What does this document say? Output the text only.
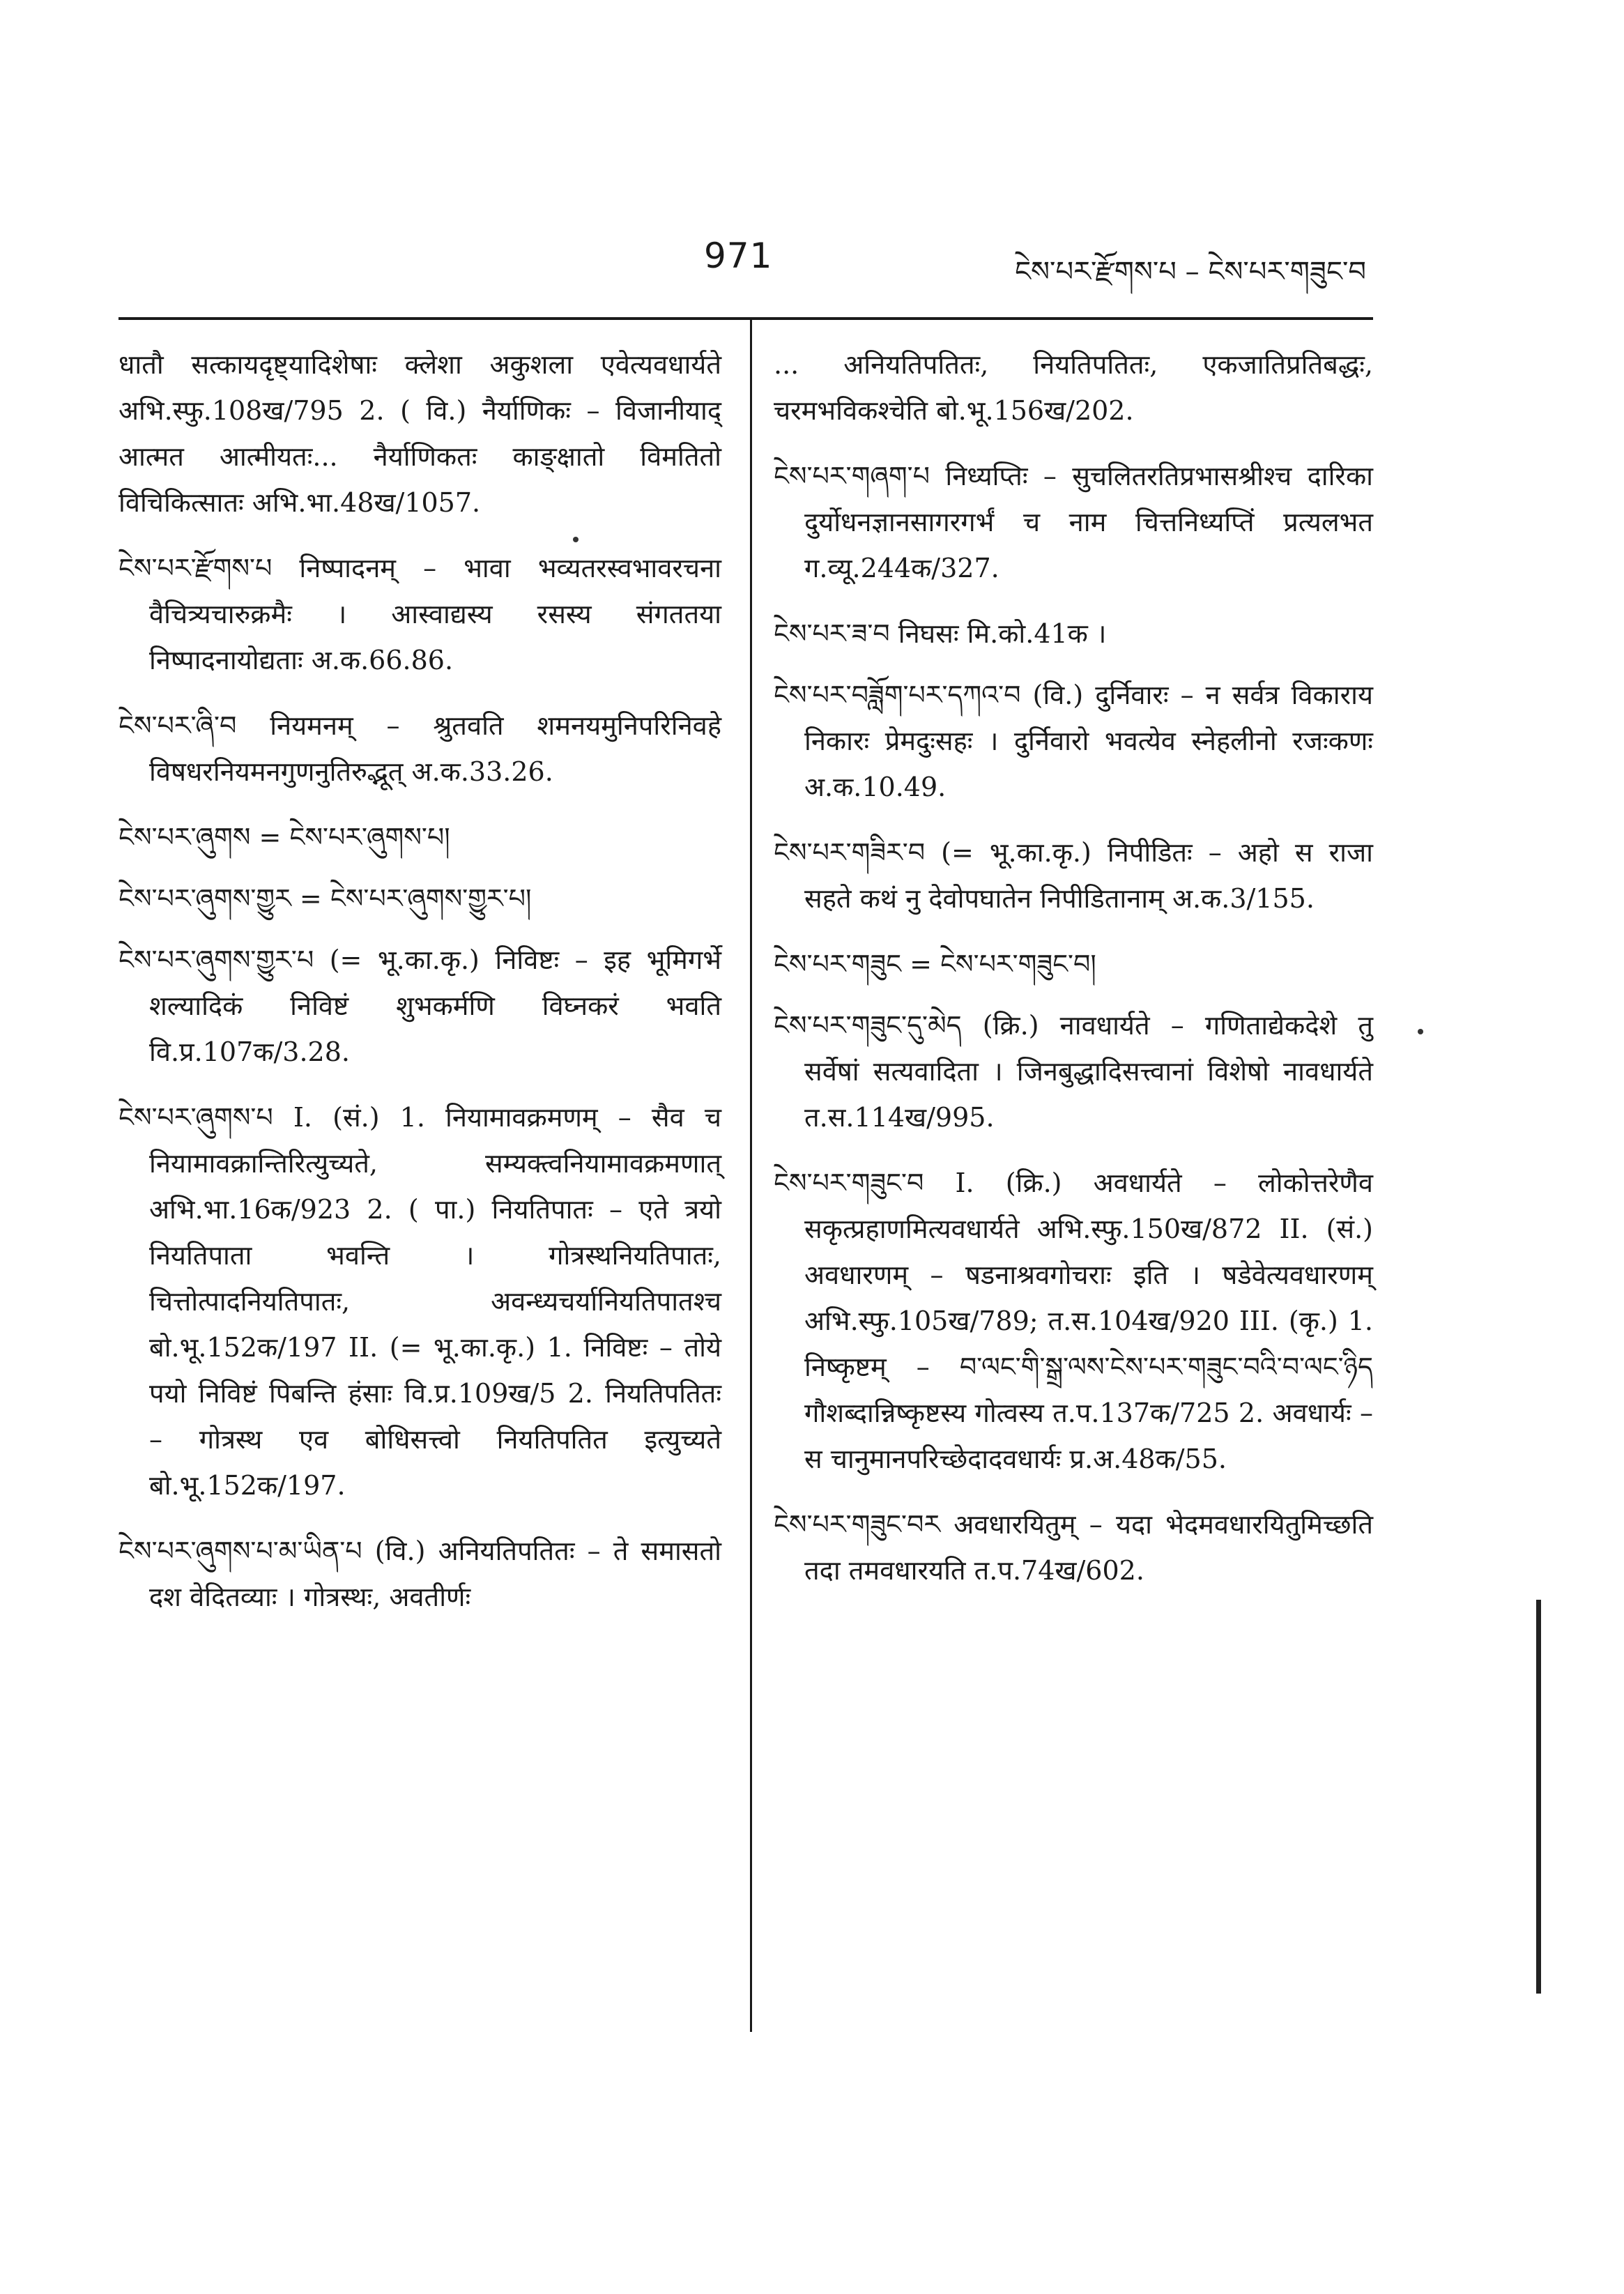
971	ངེས་པར་རྫོགས་པ – ངེས་པར་གཟུང་བ

धातौ सत्कायदृष्ट्यादिशेषाः क्लेशा अकुशला एवेत्यवधार्यते अभि.स्फु.108ख/795 2. ( वि.) नैर्याणिकः – विजानीयाद् आत्मत आत्मीयतः... नैर्याणिकतः काङ्क्षातो विमतितो विचिकित्सातः अभि.भा.48ख/1057.

ངེས་པར་རྫོགས་པ निष्पादनम् – भावा भव्यतरस्वभावरचना वैचित्र्यचारुक्रमैः । आस्वाद्यस्य रसस्य संगततया निष्पादनायोद्यताः अ.क.66.86.

ངེས་པར་ཞི་བ नियमनम् – श्रुतवति शमनयमुनिपरिनिवहे विषधरनियमनगुणनुतिरुद्भूत् अ.क.33.26.

ངེས་པར་ཞུགས = ངེས་པར་ཞུགས་པ།

ངེས་པར་ཞུགས་གྱུར = ངེས་པར་ཞུགས་གྱུར་པ།

ངེས་པར་ཞུགས་གྱུར་པ (= भू.का.कृ.) निविष्टः – इह भूमिगर्भे शल्यादिकं निविष्टं शुभकर्मणि विघ्नकरं भवति वि.प्र.107क/3.28.

ངེས་པར་ཞུགས་པ I. (सं.) 1. नियामावक्रमणम् – सैव च नियामावक्रान्तिरित्युच्यते, सम्यक्त्वनियामावक्रमणात् अभि.भा.16क/923 2. ( पा.) नियतिपातः – एते त्रयो नियतिपाता भवन्ति । गोत्रस्थनियतिपातः, चित्तोत्पादनियतिपातः, अवन्ध्यचर्यानियतिपातश्च बो.भू.152क/197 II. (= भू.का.कृ.) 1. निविष्टः – तोये पयो निविष्टं पिबन्ति हंसाः वि.प्र.109ख/5 2. नियतिपतितः – गोत्रस्थ एव बोधिसत्त्वो नियतिपतित इत्युच्यते बो.भू.152क/197.

ངེས་པར་ཞུགས་པ་མ་ཡིན་པ (वि.) अनियतिपतितः – ते समासतो दश वेदितव्याः । गोत्रस्थः, अवतीर्णः

... अनियतिपतितः, नियतिपतितः, एकजातिप्रतिबद्धः, चरमभविकश्चेति बो.भू.156ख/202.

ངེས་པར་གཞག་པ निध्यप्तिः – सुचलितरतिप्रभासश्रीश्च दारिका दुर्योधनज्ञानसागरगर्भं च नाम चित्तनिध्यप्तिं प्रत्यलभत ग.व्यू.244क/327.

ངེས་པར་ཟ་བ निघसः मि.को.41क ।

ངེས་པར་བཟློག་པར་དཀའ་བ (वि.) दुर्निवारः – न सर्वत्र विकाराय निकारः प्रेमदुःसहः । दुर्निवारो भवत्येव स्नेहलीनो रजःकणः अ.क.10.49.

ངེས་པར་གཟིར་བ (= भू.का.कृ.) निपीडितः – अहो स राजा सहते कथं नु देवोपघातेन निपीडितानाम् अ.क.3/155.

ངེས་པར་གཟུང = ངེས་པར་གཟུང་བ།

ངེས་པར་གཟུང་དུ་མེད (क्रि.) नावधार्यते – गणिताद्येकदेशे तु सर्वेषां सत्यवादिता । जिनबुद्धादिसत्त्वानां विशेषो नावधार्यते त.स.114ख/995.

ངེས་པར་གཟུང་བ I. (क्रि.) अवधार्यते – लोकोत्तरेणैव सकृत्प्रहाणमित्यवधार्यते अभि.स्फु.150ख/872 II. (सं.) अवधारणम् – षडनाश्रवगोचराः इति । षडेवेत्यवधारणम् अभि.स्फु.105ख/789; त.स.104ख/920 III. (कृ.) 1. निष्कृष्टम् – བ་ལང་གི་སྒྲ་ལས་ངེས་པར་གཟུང་བའི་བ་ལང་ཉིད गौशब्दान्निष्कृष्टस्य गोत्वस्य त.प.137क/725 2. अवधार्यः – स चानुमानपरिच्छेदादवधार्यः प्र.अ.48क/55.

ངེས་པར་གཟུང་བར अवधारयितुम् – यदा भेदमवधारयितुमिच्छति तदा तमवधारयति त.प.74ख/602.
